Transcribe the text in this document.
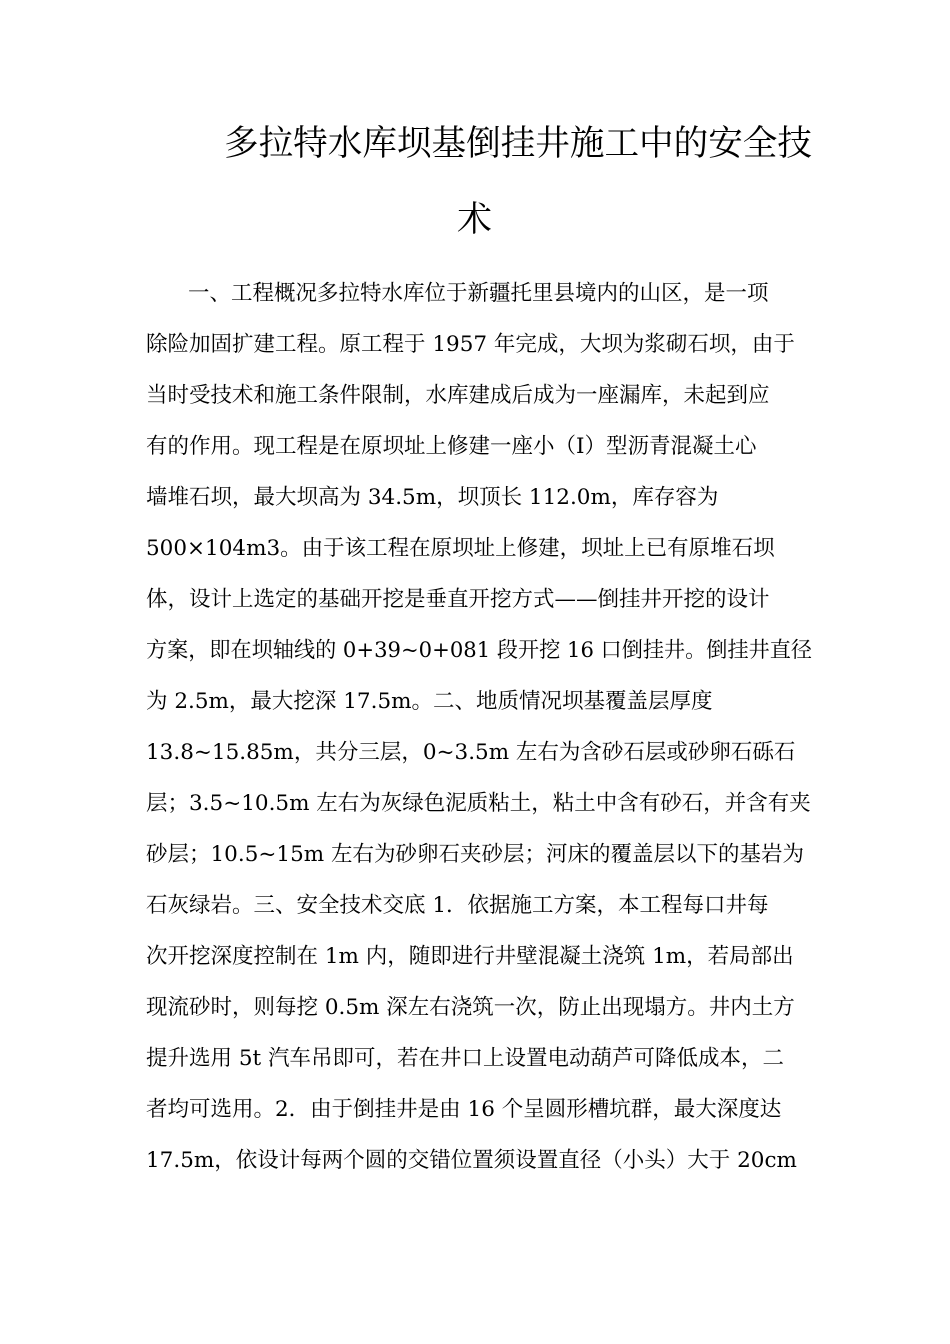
多拉特水库坝基倒挂井施工中的安全技
术

一、工程概况多拉特水库位于新疆托里县境内的山区，是一项

除险加固扩建工程。原工程于 1957 年完成，大坝为浆砌石坝，由于

当时受技术和施工条件限制，水库建成后成为一座漏库，未起到应

有的作用。现工程是在原坝址上修建一座小（Ⅰ）型沥青混凝土心

墙堆石坝，最大坝高为 34.5m，坝顶长 112.0m，库存容为

500×104m3。由于该工程在原坝址上修建，坝址上已有原堆石坝

体，设计上选定的基础开挖是垂直开挖方式——倒挂井开挖的设计

方案，即在坝轴线的 0+39~0+081 段开挖 16 口倒挂井。倒挂井直径

为 2.5m，最大挖深 17.5m。二、地质情况坝基覆盖层厚度

13.8~15.85m，共分三层，0~3.5m 左右为含砂石层或砂卵石砾石

层；3.5~10.5m 左右为灰绿色泥质粘土，粘土中含有砂石，并含有夹

砂层；10.5~15m 左右为砂卵石夹砂层；河床的覆盖层以下的基岩为

石灰绿岩。三、安全技术交底 1．依据施工方案，本工程每口井每

次开挖深度控制在 1m 内，随即进行井壁混凝土浇筑 1m，若局部出

现流砂时，则每挖 0.5m 深左右浇筑一次，防止出现塌方。井内土方

提升选用 5t 汽车吊即可，若在井口上设置电动葫芦可降低成本，二

者均可选用。2．由于倒挂井是由 16 个呈圆形槽坑群，最大深度达

17.5m，依设计每两个圆的交错位置须设置直径（小头）大于 20cm
